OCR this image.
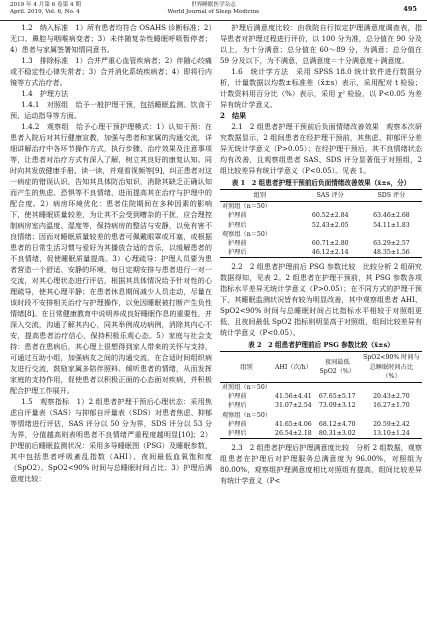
2019 年 4 月第 6 卷第 4 期
April. 2019, Vol. 6, No. 4
世界睡眠医学杂志
World Journal of Sleep Medicine	495

1.2　纳入标准　1）所有患者均符合 OSAHS 诊断标准；2）无口、鼻腔与咽喉病变者；3）未伴随复杂性睡眠呼吸暂停者；4）患者与家属签署知情同意书。

1.3　排除标准　1）合并严重心血管疾病者；2）伴随心绞痛或不稳定性心律失常者；3）合并消化系统疾病者；4）即将行内镜等方式治疗者。

1.4　护理方法

1.4.1　对照组　给予一般护理干预，包括睡眠监测、饮食干预、运动指导等方面。

1.4.2　观察组　给予心理干预护理模式：1）认知干预：在患者入院后对其行健康宣教，加强与患者和家属的沟通交流，详细讲解治疗中各环节操作方式，执行步骤、治疗效果及注意事项等，让患者对治疗方式有深入了解，树立其良好的康复认知。同时向其发放健康手册、读一读，并观看视频等[9]，纠正患者对这一病症的错误认识，告知其具体防治知识，消除其缺乏正确认知而产生的焦虑、恐惧等不良情绪，进而提高其在治疗与护理中的配合度。2）病房环境优化：患者住院期间在多种因素的影响下，使其睡眠质量较差，为让其不会受到嘈杂的干扰，应合理控制病房室内温度、湿度等，保持病房的整洁与安静，以免有害不良情绪；因而对睡眠质量较差的患者可佩戴眼罩或耳塞，或根据患者的日常生活习惯与爱好为其播放合适的音乐，以缓解患者的不良情绪，促使睡眠质量提高。3）心理疏导：护理人员要为患者营造一个舒适、安静的环境，每日定期安排与患者进行一对一交流，对其心理状态进行评估，根据其具体情况给予针对性的心理疏导，使其心理平静；在患者休息期间减少人员走动，尽量在该时段不安排相关治疗与护理操作，以免因睡眠被打断产生负性情绪[8]。在日常健康教育中说明养成良好睡眠作息的重要性，并深入交流，沟通了解其内心，同其举例成功病例，消除其内心不安，提高患者治疗信心，保持积极乐观心态。5）家庭与社会支持：患者在患病后，其心理上很想得到家人带来的关怀与支持，可通过互助小组，加强病友之间的沟通交流，在合适时间组织病友进行交流，鼓励家属多陪伴照料、倾听患者的情绪，从而发挥家庭的支持作用，促使患者以积极正面的心态面对疾病，并积极配合护理工作展开。

1.5　观察指标　1）2 组患者护理干预后心理状态：采用焦虑自评量表（SAS）与抑郁自评量表（SDS）对患者焦虑、抑郁等情绪进行评估，SAS 评分以 50 分为界，SDS 评分以 53 分为界，分值越高则表明患者不良情绪严重程度越明显[10]；2）护理前后睡眠监测状况：采用多导睡眠图（PSG）及睡眠参数，其中包括患者呼吸紊乱指数（AHI）、夜间最低血氧饱和度（SpO2）、SpO2<90% 时间与总睡眠时间占比；3）护理后满意度比较：

护理后满意度比较：由我院自行拟定护理满意度调查表，指导患者对护理过程进行评价，以 100 分为准，总分值在 90 分及以上，为十分满意；总分值在 60～89 分，为满意；总分值在 59 分及以下，为不满意，总满意度＝十分满意度＋满意度。

1.6　统计学方法　采用 SPSS 18.0 统计软件进行数据分析，计量数据以均数±标准差（x̄±s）表示，采用配对 t 检验；计数资料用百分比（%）表示，采用 χ² 检验，以 P<0.05 为差异有统计学意义。

2　结果

2.1　2 组患者护理干预前后负面情绪改善效果　观察本次研究数据显示，2 组间患者在经护理干预前，其焦虑、抑郁评分差异无统计学意义（P>0.05）；在经护理干预后，其不良情绪状态均有改善，且观察组患者 SAS、SDS 评分显著低于对照组，2 组比较差异有统计学意义（P<0.05）。见表 1。

表 1　2 组患者护理干预前后负面情绪改善效果（x̄±s，分）
组别	SAS 评分	SDS 评分
对照组（n＝50）		
护理前	60.52±2.84	63.46±2.68
护理后	52.43±2.05	54.11±1.83
观察组（n＝50）		
护理前	60.71±2.80	63.29±2.57
护理后	46.12±2.14	48.35±1.56

2.2　2 组患者护理前后 PSG 参数比较　比较分析 2 组研究数据得知，见表 2。2 组患者在护理干预前，其 PSG 参数各项指标水平差异无统计学意义（P>0.05）；在不同方式的护理干预下，其睡眠监测状况皆有较为明显改善，其中观察组患者 AHI、SpO2<90% 时间与总睡眠时间占比指标水平相较于对照组更低，且夜间最低 SpO2 指标则明显高于对照组，组间比较差异有统计学意义（P<0.05）。

表 2　2 组患者护理前后 PSG 参数比较（x̄±s）
组别	AHI（次/h）	夜间最低 SpO2（%）	SpO2<90% 时间与总睡眠时间占比（%）
对照组（n＝50）			
护理前	41.56±4.41	67.65±5.17	20.43±2.70
护理后	31.07±2.54	73.09±3.12	16.27±1.70
观察组（n＝50）			
护理前	41.65±4.06	68.12±4.70	20.59±2.42
护理后	26.54±2.18	80.31±3.02	13.10±1.24

2.3　2 组患者护理后护理满意度比较　分析 2 组数据，观察组患者在护理后对护理服务总满意度为 96.00%，对照组为 80.00%，观察组护理满意度相比对照组有提高，组间比较差异有统计学意义（P<
